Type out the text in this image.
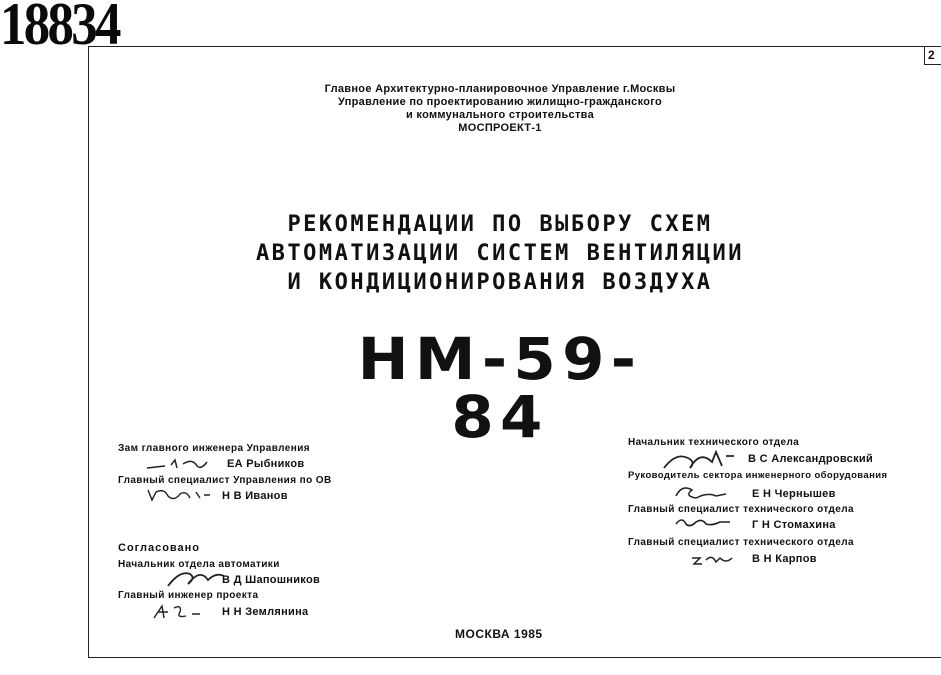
18834	2
Главное Архитектурно-планировочное Управление г.Москвы
Управление по проектированию жилищно-гражданского
и коммунального строительства
МОСПРОЕКТ-1
РЕКОМЕНДАЦИИ ПО ВЫБОРУ СХЕМ
АВТОМАТИЗАЦИИ СИСТЕМ ВЕНТИЛЯЦИИ
И КОНДИЦИОНИРОВАНИЯ ВОЗДУХА
НМ-59-84
Зам главного инженера Управления
ЕА Рыбников
Главный специалист Управления по ОВ
Н В Иванов
Согласовано
Начальник отдела автоматики
В Д Шапошников
Главный инженер проекта
Н Н Землянина
Начальник технического отдела
В С Александровский
Руководитель сектора инженерного оборудования
Е Н Чернышев
Главный специалист технического отдела
Г Н Стомахина
Главный специалист технического отдела
В Н Карпов
МОСКВА 1985
